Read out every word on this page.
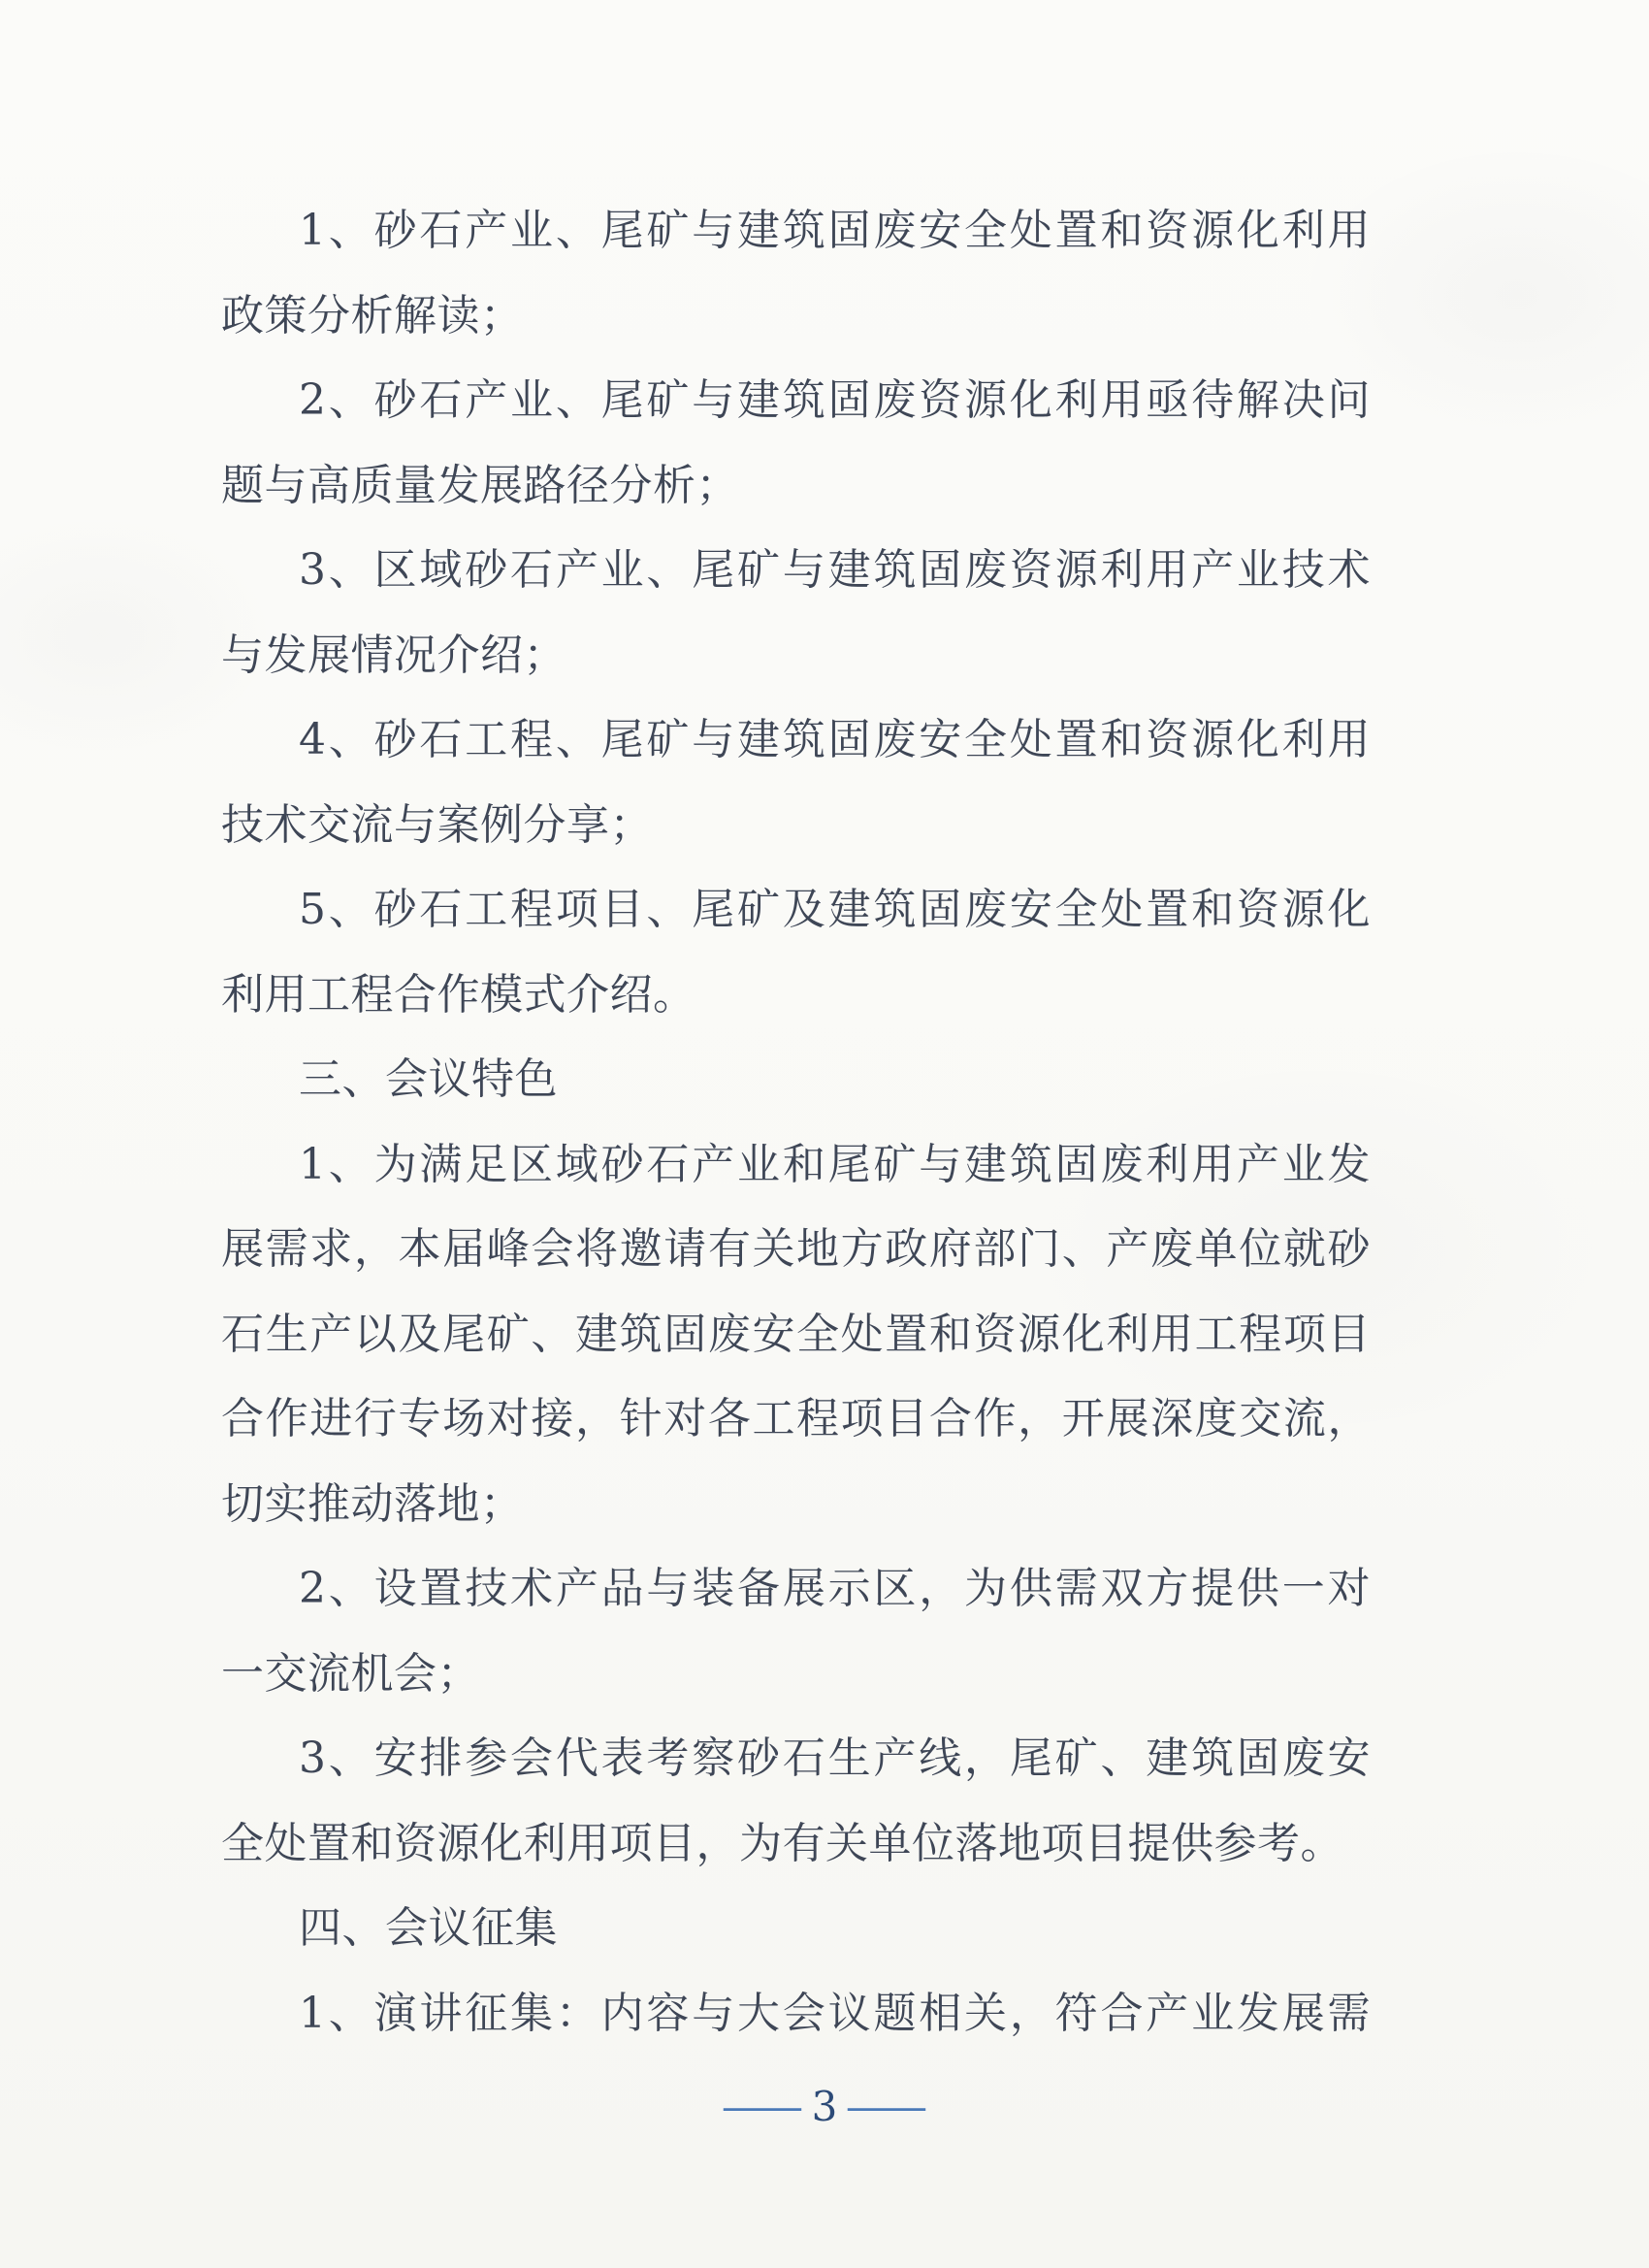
1、砂石产业、尾矿与建筑固废安全处置和资源化利用
政策分析解读；
2、砂石产业、尾矿与建筑固废资源化利用亟待解决问
题与高质量发展路径分析；
3、区域砂石产业、尾矿与建筑固废资源利用产业技术
与发展情况介绍；
4、砂石工程、尾矿与建筑固废安全处置和资源化利用
技术交流与案例分享；
5、砂石工程项目、尾矿及建筑固废安全处置和资源化
利用工程合作模式介绍。
三、会议特色
1、为满足区域砂石产业和尾矿与建筑固废利用产业发
展需求，本届峰会将邀请有关地方政府部门、产废单位就砂
石生产以及尾矿、建筑固废安全处置和资源化利用工程项目
合作进行专场对接，针对各工程项目合作，开展深度交流，
切实推动落地；
2、设置技术产品与装备展示区，为供需双方提供一对
一交流机会；
3、安排参会代表考察砂石生产线，尾矿、建筑固废安
全处置和资源化利用项目，为有关单位落地项目提供参考。
四、会议征集
1、演讲征集：内容与大会议题相关，符合产业发展需
— 3 —
